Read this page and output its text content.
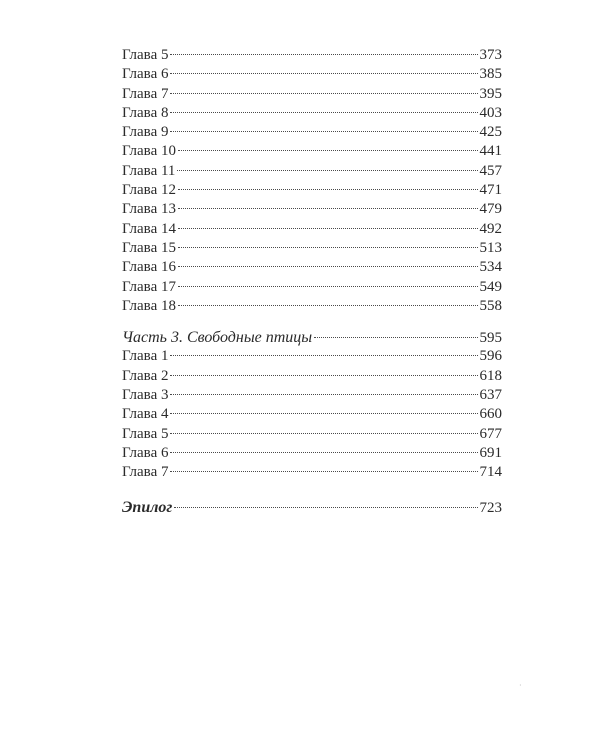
Глава 5	373
Глава 6	385
Глава 7	395
Глава 8	403
Глава 9	425
Глава 10	441
Глава 11	457
Глава 12	471
Глава 13	479
Глава 14	492
Глава 15	513
Глава 16	534
Глава 17	549
Глава 18	558
Часть 3. Свободные птицы	595
Глава 1	596
Глава 2	618
Глава 3	637
Глава 4	660
Глава 5	677
Глава 6	691
Глава 7	714
Эпилог	723
·
